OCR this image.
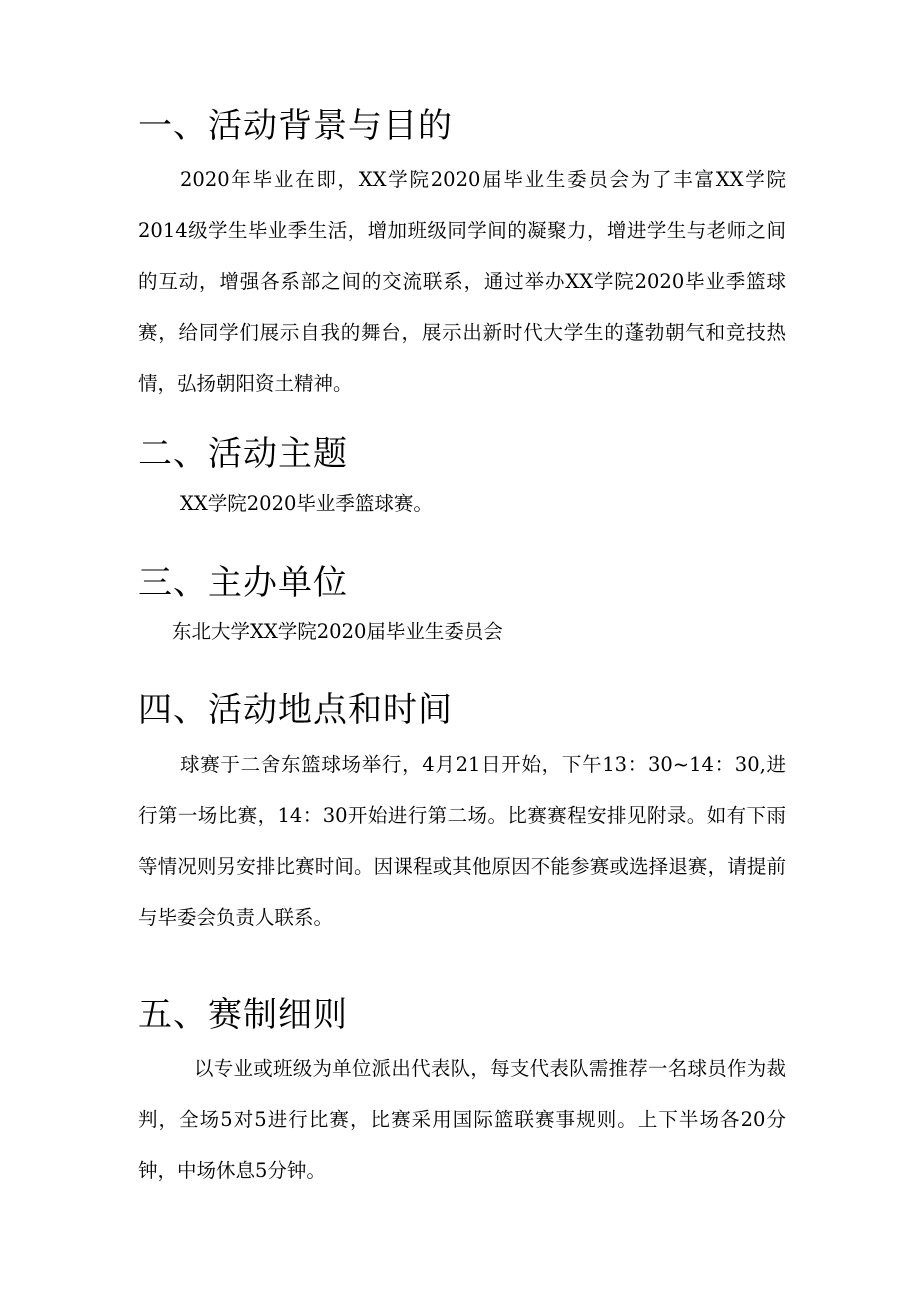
一、活动背景与目的

2020年毕业在即，XX学院2020届毕业生委员会为了丰富XX学院2014级学生毕业季生活，增加班级同学间的凝聚力，增进学生与老师之间的互动，增强各系部之间的交流联系，通过举办XX学院2020毕业季篮球赛，给同学们展示自我的舞台，展示出新时代大学生的蓬勃朝气和竞技热情，弘扬朝阳资土精神。

二、活动主题

XX学院2020毕业季篮球赛。

三、主办单位

东北大学XX学院2020届毕业生委员会

四、活动地点和时间

球赛于二舍东篮球场举行，4月21日开始，下午13：30~14：30,进行第一场比赛，14：30开始进行第二场。比赛赛程安排见附录。如有下雨等情况则另安排比赛时间。因课程或其他原因不能参赛或选择退赛，请提前与毕委会负责人联系。

五、赛制细则

以专业或班级为单位派出代表队，每支代表队需推荐一名球员作为裁判，全场5对5进行比赛，比赛采用国际篮联赛事规则。上下半场各20分钟，中场休息5分钟。
